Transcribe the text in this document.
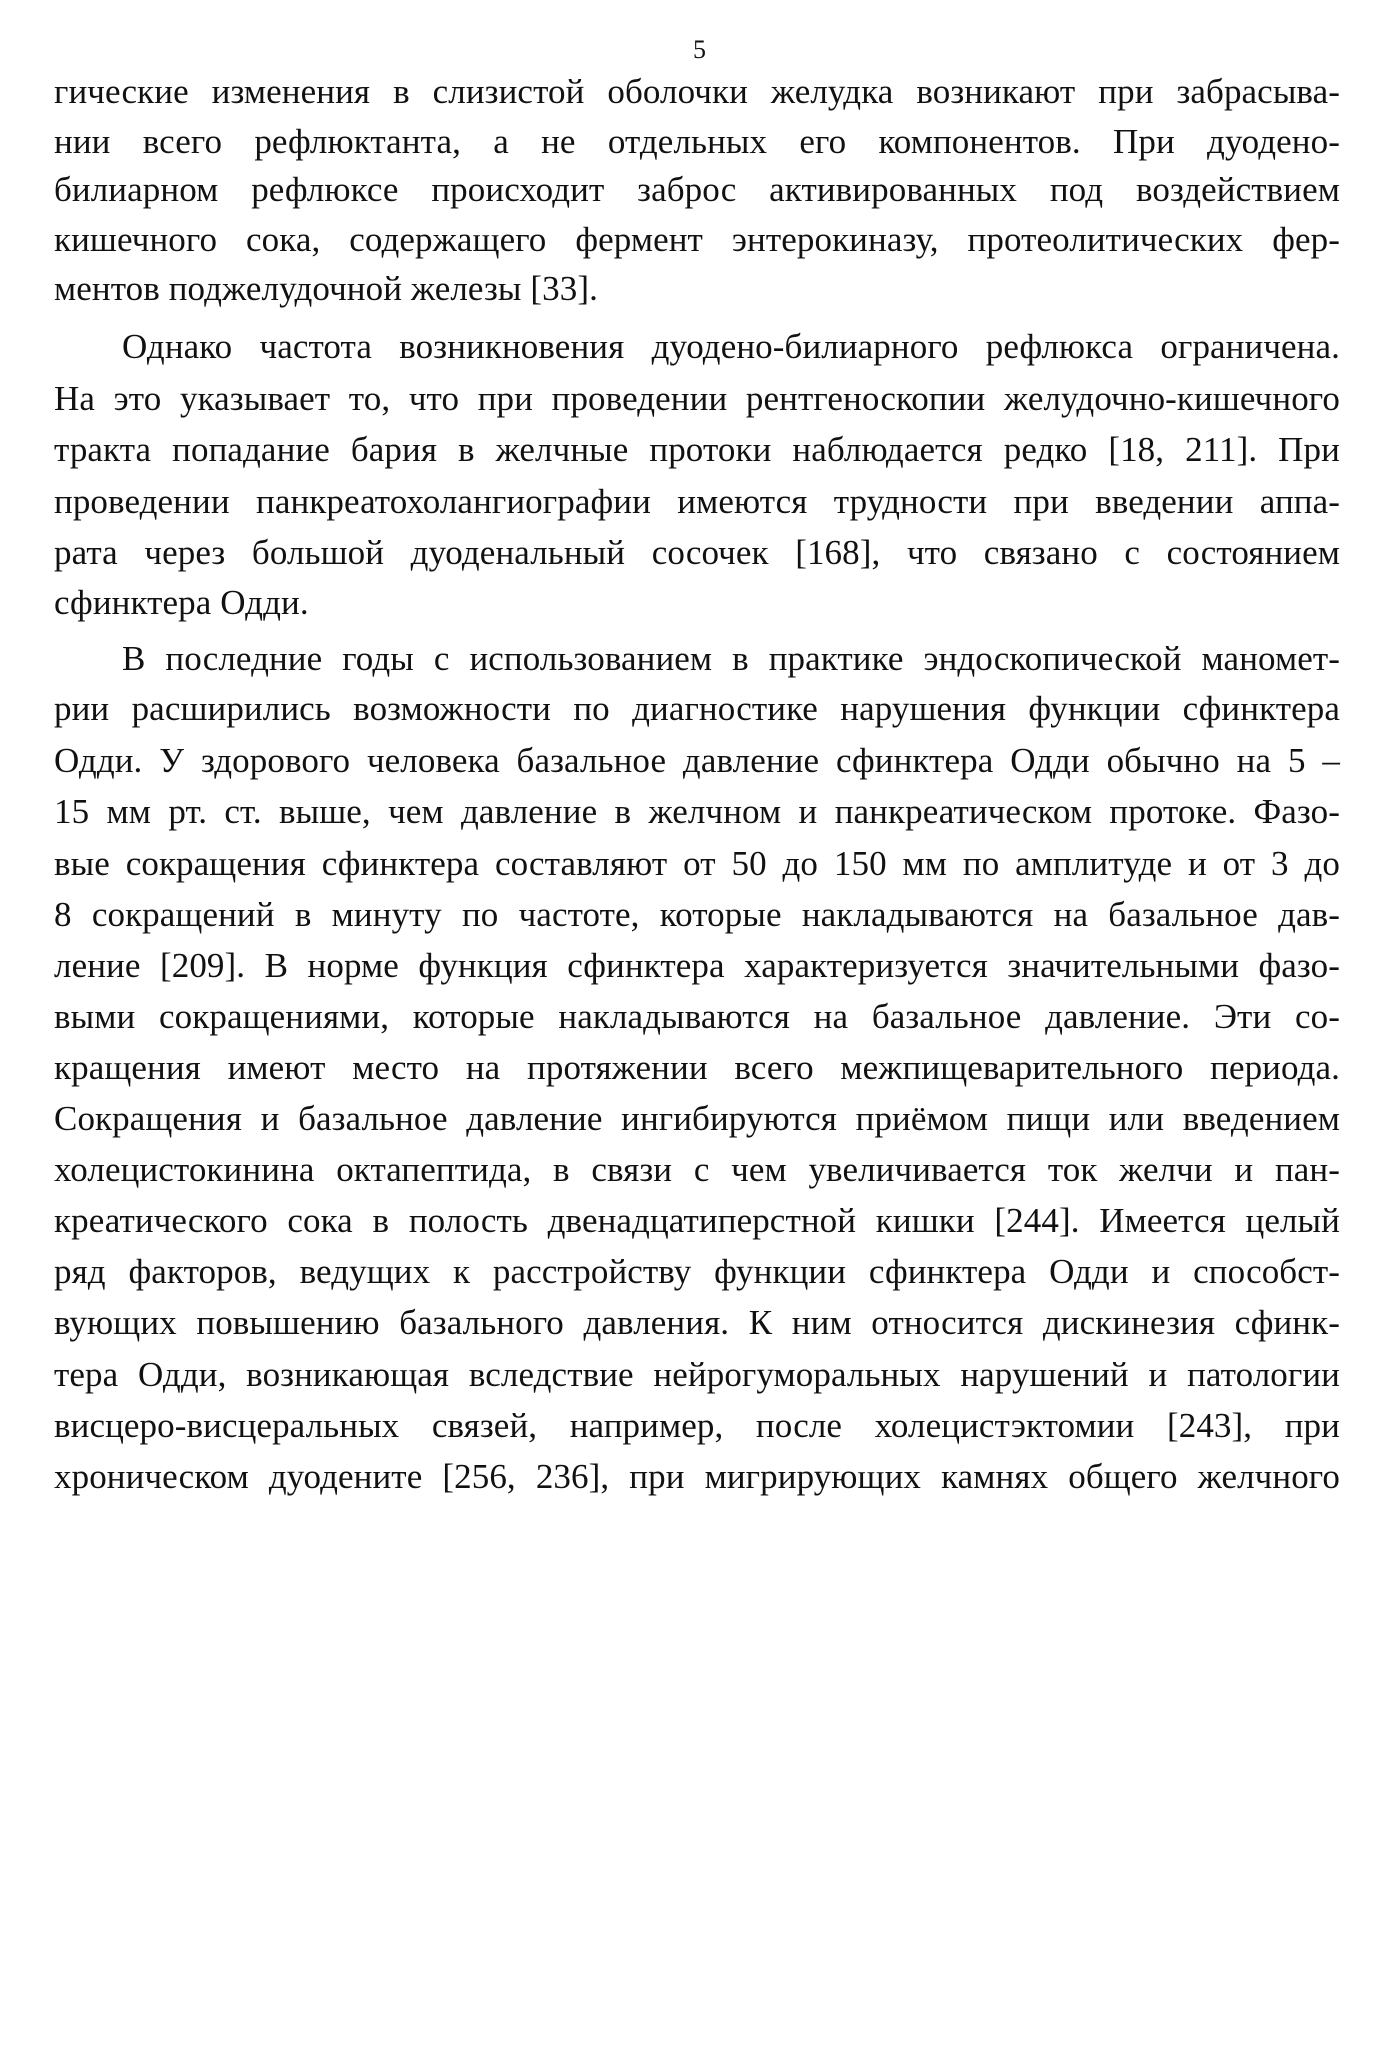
5
гические изменения в слизистой оболочки желудка возникают при забрасыва-
нии всего рефлюктанта, а не отдельных его компонентов. При дуодено-
билиарном рефлюксе происходит заброс активированных под воздействием
кишечного сока, содержащего фермент энтерокиназу, протеолитических фер-
ментов поджелудочной железы [33].
Однако частота возникновения дуодено-билиарного рефлюкса ограничена.
На это указывает то, что при проведении рентгеноскопии желудочно-кишечного
тракта попадание бария в желчные протоки наблюдается редко [18, 211]. При
проведении панкреатохолангиографии имеются трудности при введении аппа-
рата через большой дуоденальный сосочек [168], что связано с состоянием
сфинктера Одди.
В последние годы с использованием в практике эндоскопической маномет-
рии расширились возможности по диагностике нарушения функции сфинктера
Одди. У здорового человека базальное давление сфинктера Одди обычно на 5 –
15 мм рт. ст. выше, чем давление в желчном и панкреатическом протоке. Фазо-
вые сокращения сфинктера составляют от 50 до 150 мм по амплитуде и от 3 до
8 сокращений в минуту по частоте, которые накладываются на базальное дав-
ление [209]. В норме функция сфинктера характеризуется значительными фазо-
выми сокращениями, которые накладываются на базальное давление. Эти со-
кращения имеют место на протяжении всего межпищеварительного периода.
Сокращения и базальное давление ингибируются приёмом пищи или введением
холецистокинина октапептида, в связи с чем увеличивается ток желчи и пан-
креатического сока в полость двенадцатиперстной кишки [244]. Имеется целый
ряд факторов, ведущих к расстройству функции сфинктера Одди и способст-
вующих повышению базального давления. К ним относится дискинезия сфинк-
тера Одди, возникающая вследствие нейрогуморальных нарушений и патологии
висцеро-висцеральных связей, например, после холецистэктомии [243], при
хроническом дуодените [256, 236], при мигрирующих камнях общего желчного
